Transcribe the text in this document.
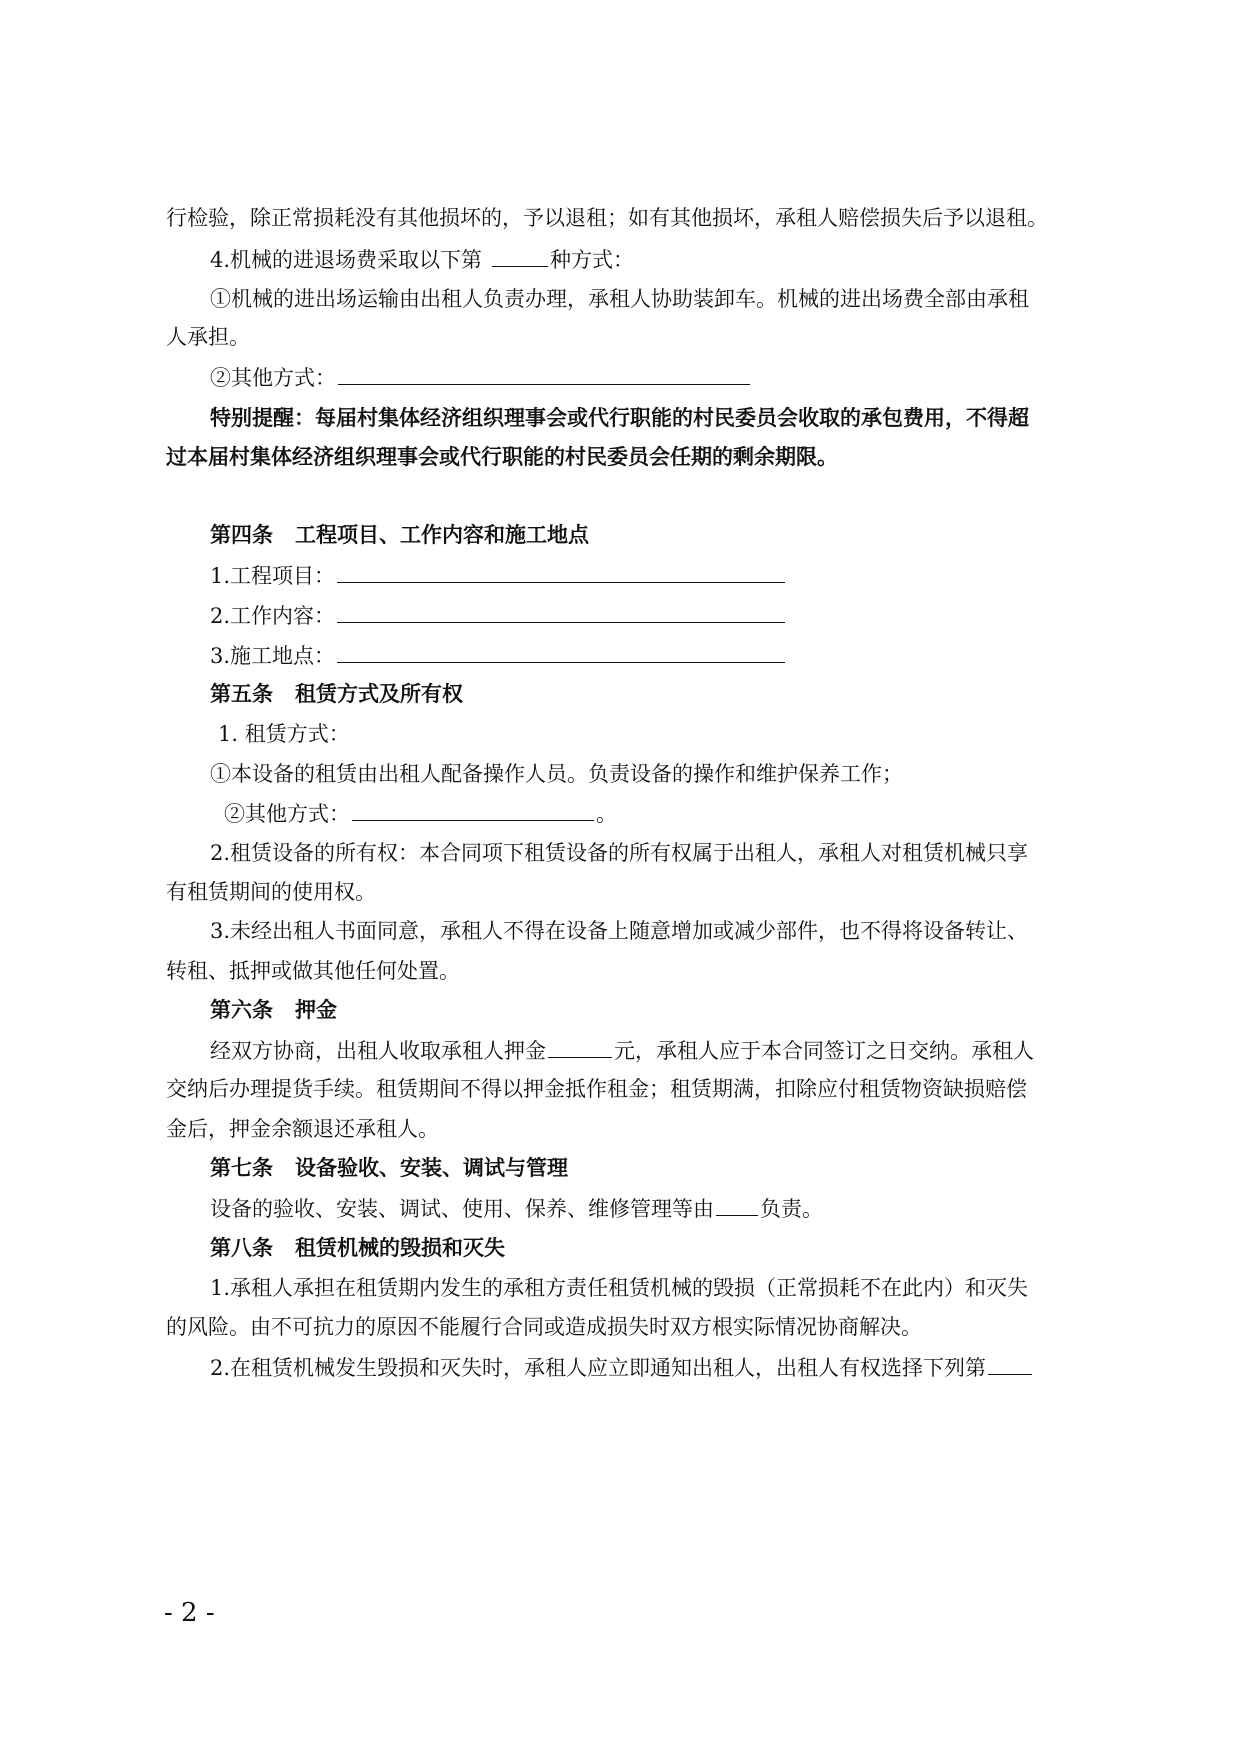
行检验，除正常损耗没有其他损坏的，予以退租；如有其他损坏，承租人赔偿损失后予以退租。
4.机械的进退场费采取以下第	种方式：
①机械的进出场运输由出租人负责办理，承租人协助装卸车。机械的进出场费全部由承租
人承担。
②其他方式：
特别提醒：每届村集体经济组织理事会或代行职能的村民委员会收取的承包费用，不得超
过本届村集体经济组织理事会或代行职能的村民委员会任期的剩余期限。
第四条 工程项目、工作内容和施工地点
1.工程项目：
2.工作内容：
3.施工地点：
第五条 租赁方式及所有权
1. 租赁方式：
①本设备的租赁由出租人配备操作人员。负责设备的操作和维护保养工作；
②其他方式：	。
2.租赁设备的所有权：本合同项下租赁设备的所有权属于出租人，承租人对租赁机械只享
有租赁期间的使用权。
3.未经出租人书面同意，承租人不得在设备上随意增加或减少部件，也不得将设备转让、
转租、抵押或做其他任何处置。
第六条 押金
经双方协商，出租人收取承租人押金	元，承租人应于本合同签订之日交纳。承租人
交纳后办理提货手续。租赁期间不得以押金抵作租金；租赁期满，扣除应付租赁物资缺损赔偿
金后，押金余额退还承租人。
第七条 设备验收、安装、调试与管理
设备的验收、安装、调试、使用、保养、维修管理等由 负责。
第八条 租赁机械的毁损和灭失
1.承租人承担在租赁期内发生的承租方责任租赁机械的毁损（正常损耗不在此内）和灭失
的风险。由不可抗力的原因不能履行合同或造成损失时双方根实际情况协商解决。
2.在租赁机械发生毁损和灭失时，承租人应立即通知出租人，出租人有权选择下列第
- 2 -
